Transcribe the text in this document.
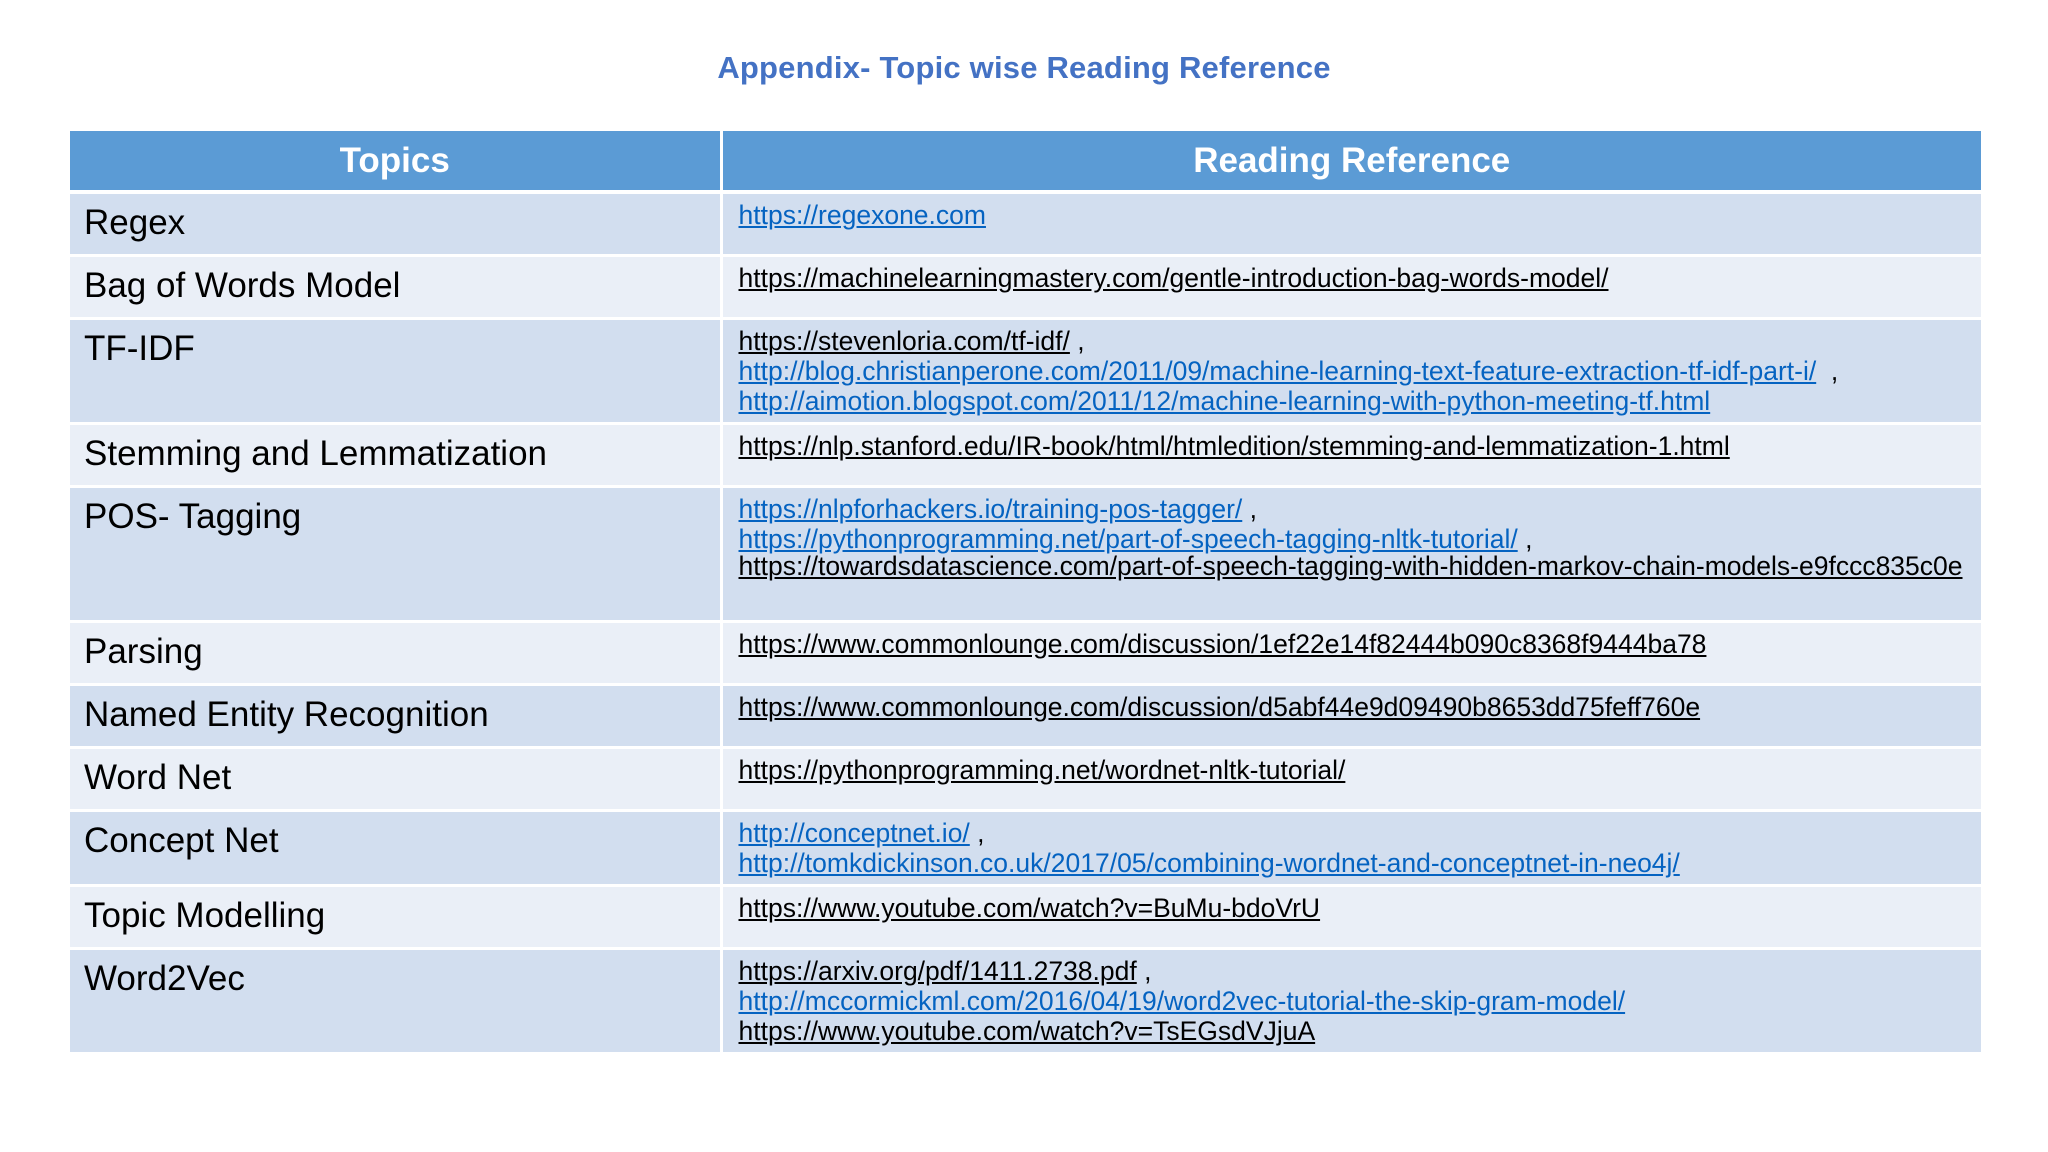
Appendix- Topic wise Reading Reference
Topics	Reading Reference

Regex	https://regexone.com

Bag of Words Model	https://machinelearningmastery.com/gentle-introduction-bag-words-model/

TF-IDF	https://stevenloria.com/tf-idf/ ,
http://blog.christianperone.com/2011/09/machine-learning-text-feature-extraction-tf-idf-part-i/  ,
http://aimotion.blogspot.com/2011/12/machine-learning-with-python-meeting-tf.html

Stemming and Lemmatization	https://nlp.stanford.edu/IR-book/html/htmledition/stemming-and-lemmatization-1.html

POS- Tagging	https://nlpforhackers.io/training-pos-tagger/ ,
https://pythonprogramming.net/part-of-speech-tagging-nltk-tutorial/ ,
https://towardsdatascience.com/part-of-speech-tagging-with-hidden-markov-chain-models-e9fccc835c0e

Parsing	https://www.commonlounge.com/discussion/1ef22e14f82444b090c8368f9444ba78

Named Entity Recognition	https://www.commonlounge.com/discussion/d5abf44e9d09490b8653dd75feff760e

Word Net	https://pythonprogramming.net/wordnet-nltk-tutorial/

Concept Net	http://conceptnet.io/ ,
http://tomkdickinson.co.uk/2017/05/combining-wordnet-and-conceptnet-in-neo4j/

Topic Modelling	https://www.youtube.com/watch?v=BuMu-bdoVrU

Word2Vec	https://arxiv.org/pdf/1411.2738.pdf ,
http://mccormickml.com/2016/04/19/word2vec-tutorial-the-skip-gram-model/
https://www.youtube.com/watch?v=TsEGsdVJjuA
